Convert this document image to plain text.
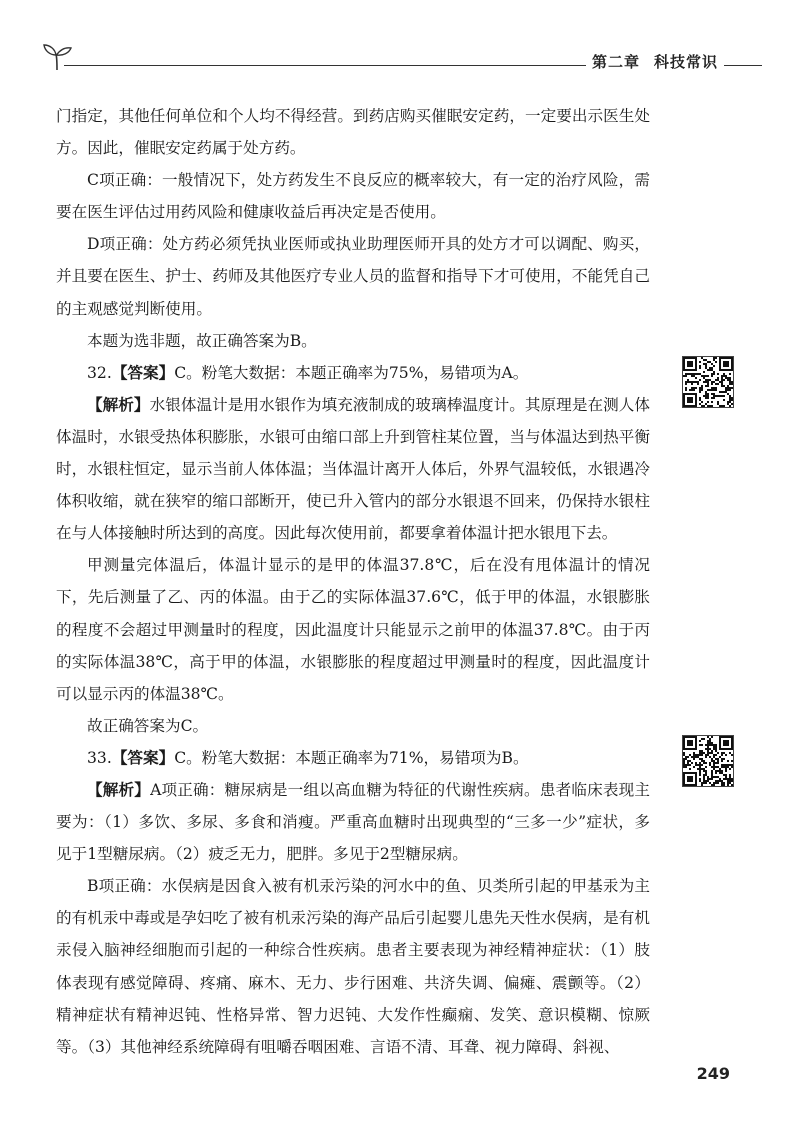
第二章 科技常识

门指定，其他任何单位和个人均不得经营。到药店购买催眠安定药，一定要出示医生处方。因此，催眠安定药属于处方药。

C项正确：一般情况下，处方药发生不良反应的概率较大，有一定的治疗风险，需要在医生评估过用药风险和健康收益后再决定是否使用。

D项正确：处方药必须凭执业医师或执业助理医师开具的处方才可以调配、购买，并且要在医生、护士、药师及其他医疗专业人员的监督和指导下才可使用，不能凭自己的主观感觉判断使用。

本题为选非题，故正确答案为B。

32.【答案】C。粉笔大数据：本题正确率为75%，易错项为A。

【解析】水银体温计是用水银作为填充液制成的玻璃棒温度计。其原理是在测人体体温时，水银受热体积膨胀，水银可由缩口部上升到管柱某位置，当与体温达到热平衡时，水银柱恒定，显示当前人体体温；当体温计离开人体后，外界气温较低，水银遇冷体积收缩，就在狭窄的缩口部断开，使已升入管内的部分水银退不回来，仍保持水银柱在与人体接触时所达到的高度。因此每次使用前，都要拿着体温计把水银甩下去。

甲测量完体温后，体温计显示的是甲的体温37.8℃，后在没有甩体温计的情况下，先后测量了乙、丙的体温。由于乙的实际体温37.6℃，低于甲的体温，水银膨胀的程度不会超过甲测量时的程度，因此温度计只能显示之前甲的体温37.8℃。由于丙的实际体温38℃，高于甲的体温，水银膨胀的程度超过甲测量时的程度，因此温度计可以显示丙的体温38℃。

故正确答案为C。

33.【答案】C。粉笔大数据：本题正确率为71%，易错项为B。

【解析】A项正确：糖尿病是一组以高血糖为特征的代谢性疾病。患者临床表现主要为：（1）多饮、多尿、多食和消瘦。严重高血糖时出现典型的“三多一少”症状，多见于1型糖尿病。（2）疲乏无力，肥胖。多见于2型糖尿病。

B项正确：水俣病是因食入被有机汞污染的河水中的鱼、贝类所引起的甲基汞为主的有机汞中毒或是孕妇吃了被有机汞污染的海产品后引起婴儿患先天性水俣病，是有机汞侵入脑神经细胞而引起的一种综合性疾病。患者主要表现为神经精神症状：（1）肢体表现有感觉障碍、疼痛、麻木、无力、步行困难、共济失调、偏瘫、震颤等。（2）精神症状有精神迟钝、性格异常、智力迟钝、大发作性癫痫、发笑、意识模糊、惊厥等。（3）其他神经系统障碍有咀嚼吞咽困难、言语不清、耳聋、视力障碍、斜视、

249
